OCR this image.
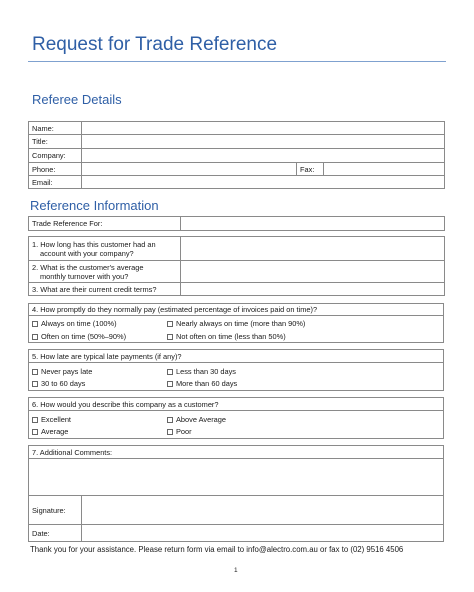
Request for Trade Reference
Referee Details
Name:			
Title:			
Company:			
Phone:		Fax:	
Email:			
Reference Information
Trade Reference For:	
1. How long has this customer had an
account with your company?	

2. What is the customer's average
monthly turnover with you?	

3. What are their current credit terms?	
4. How promptly do they normally pay (estimated percentage of invoices paid on time)?
Always on time (100%)	Nearly always on time (more than 90%)
Often on time (50%–90%)	Not often on time (less than 50%)
5. How late are typical late payments (if any)?
Never pays late	Less than 30 days
30 to 60 days	More than 60 days
6. How would you describe this company as a customer?
Excellent	Above Average
Average	Poor
7. Additional Comments:
Signature:
Date:
Thank you for your assistance. Please return form via email to info@alectro.com.au or fax to (02) 9516 4506
1
